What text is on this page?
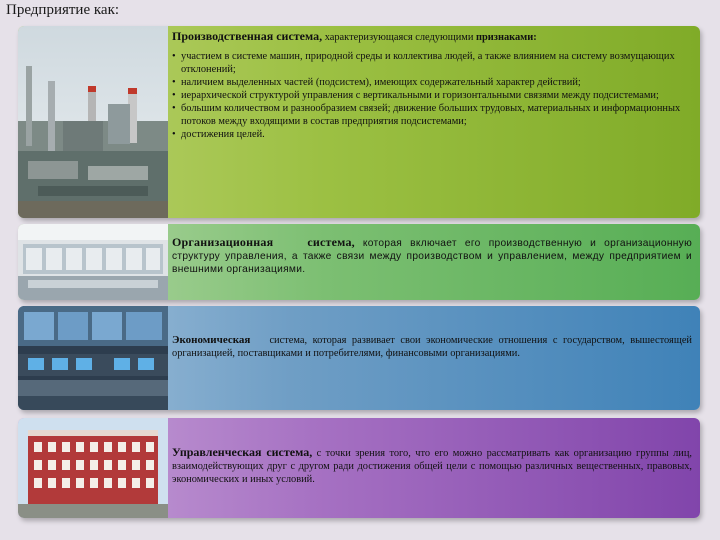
Предприятие как:
Производственная система, характеризующаяся следующими признаками:
• участием в системе машин, природной среды и коллектива людей, а также влиянием на систему возмущающих отклонений;
• наличием выделенных частей (подсистем), имеющих содержательный характер действий;
• иерархической структурой управления с вертикальными и горизонтальными связями между подсистемами;
• большим количеством и разнообразием связей; движение больших трудовых, материальных и информационных потоков между входящими в состав предприятия подсистемами;
• достижения целей.
Организационная	система, которая включает его производственную и организационную структуру управления, а также связи между производством и управлением, между предприятием и внешними организациями.
Экономическая система, которая развивает свои экономические отношения с государством, вышестоящей организацией, поставщиками и потребителями, финансовыми организациями.
Управленческая система, с точки зрения того, что его можно рассматривать как организацию группы лиц, взаимодействующих друг с другом ради достижения общей цели с помощью различных вещественных, правовых, экономических и иных условий.
